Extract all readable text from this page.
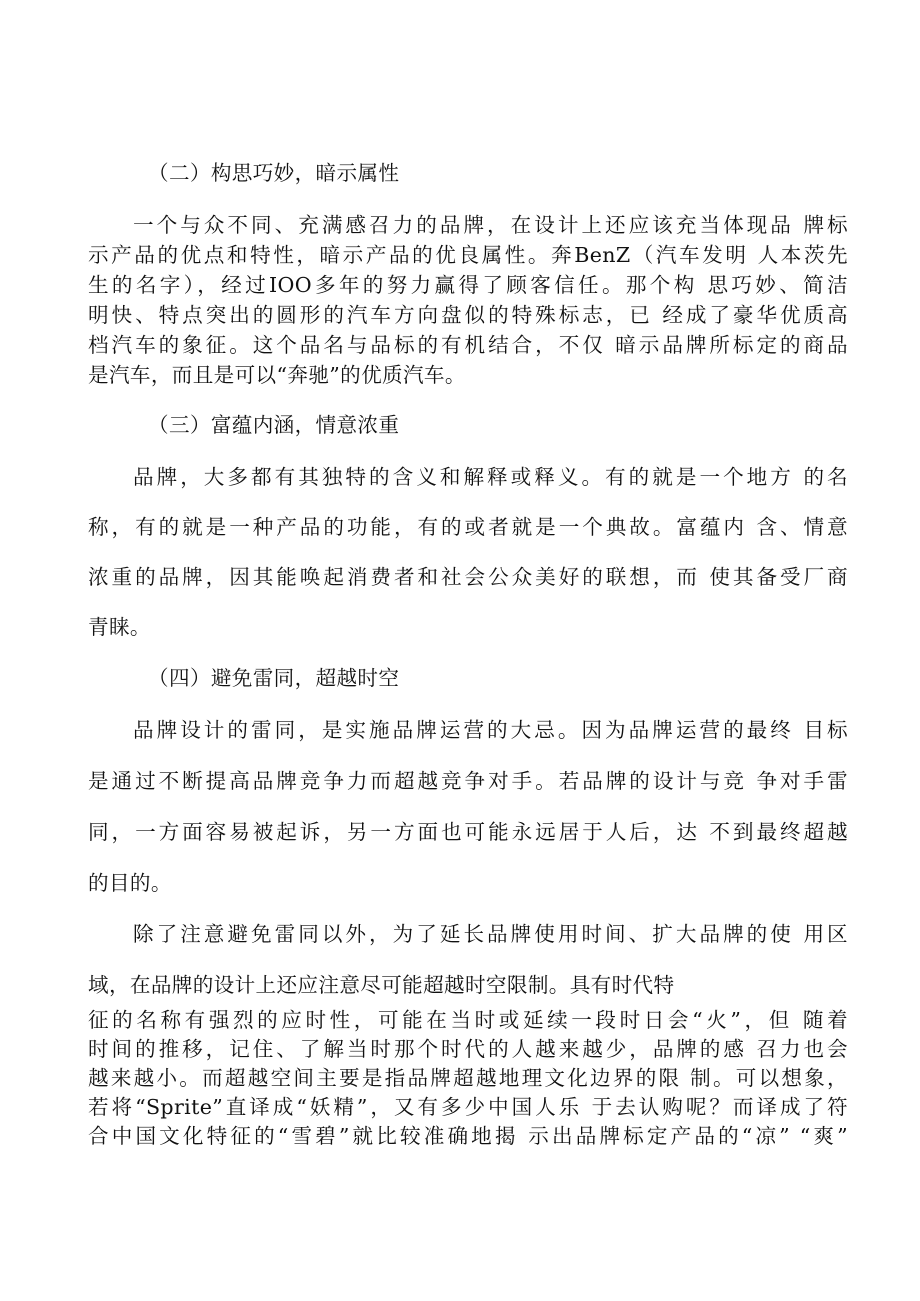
（二）构思巧妙，暗示属性

一个与众不同、充满感召力的品牌，在设计上还应该充当体现品 牌标

示产品的优点和特性，暗示产品的优良属性。奔BenZ（汽车发明 人本茨先

生的名字），经过IOO多年的努力赢得了顾客信任。那个构 思巧妙、简洁

明快、特点突出的圆形的汽车方向盘似的特殊标志，已 经成了豪华优质高

档汽车的象征。这个品名与品标的有机结合，不仅 暗示品牌所标定的商品

是汽车，而且是可以“奔驰”的优质汽车。

（三）富蕴内涵，情意浓重

品牌，大多都有其独特的含义和解释或释义。有的就是一个地方 的名

称，有的就是一种产品的功能，有的或者就是一个典故。富蕴内 含、情意

浓重的品牌，因其能唤起消费者和社会公众美好的联想，而 使其备受厂商

青睐。

（四）避免雷同，超越时空

品牌设计的雷同，是实施品牌运营的大忌。因为品牌运营的最终 目标

是通过不断提高品牌竞争力而超越竞争对手。若品牌的设计与竞 争对手雷

同，一方面容易被起诉，另一方面也可能永远居于人后，达 不到最终超越

的目的。

除了注意避免雷同以外，为了延长品牌使用时间、扩大品牌的使 用区

域，在品牌的设计上还应注意尽可能超越时空限制。具有时代特

征的名称有强烈的应时性，可能在当时或延续一段时日会“火”，但 随着

时间的推移，记住、了解当时那个时代的人越来越少，品牌的感 召力也会

越来越小。而超越空间主要是指品牌超越地理文化边界的限 制。可以想象，

若将“Sprite”直译成“妖精”，又有多少中国人乐 于去认购呢？而译成了符

合中国文化特征的“雪碧”就比较准确地揭 示出品牌标定产品的“凉” “爽”
